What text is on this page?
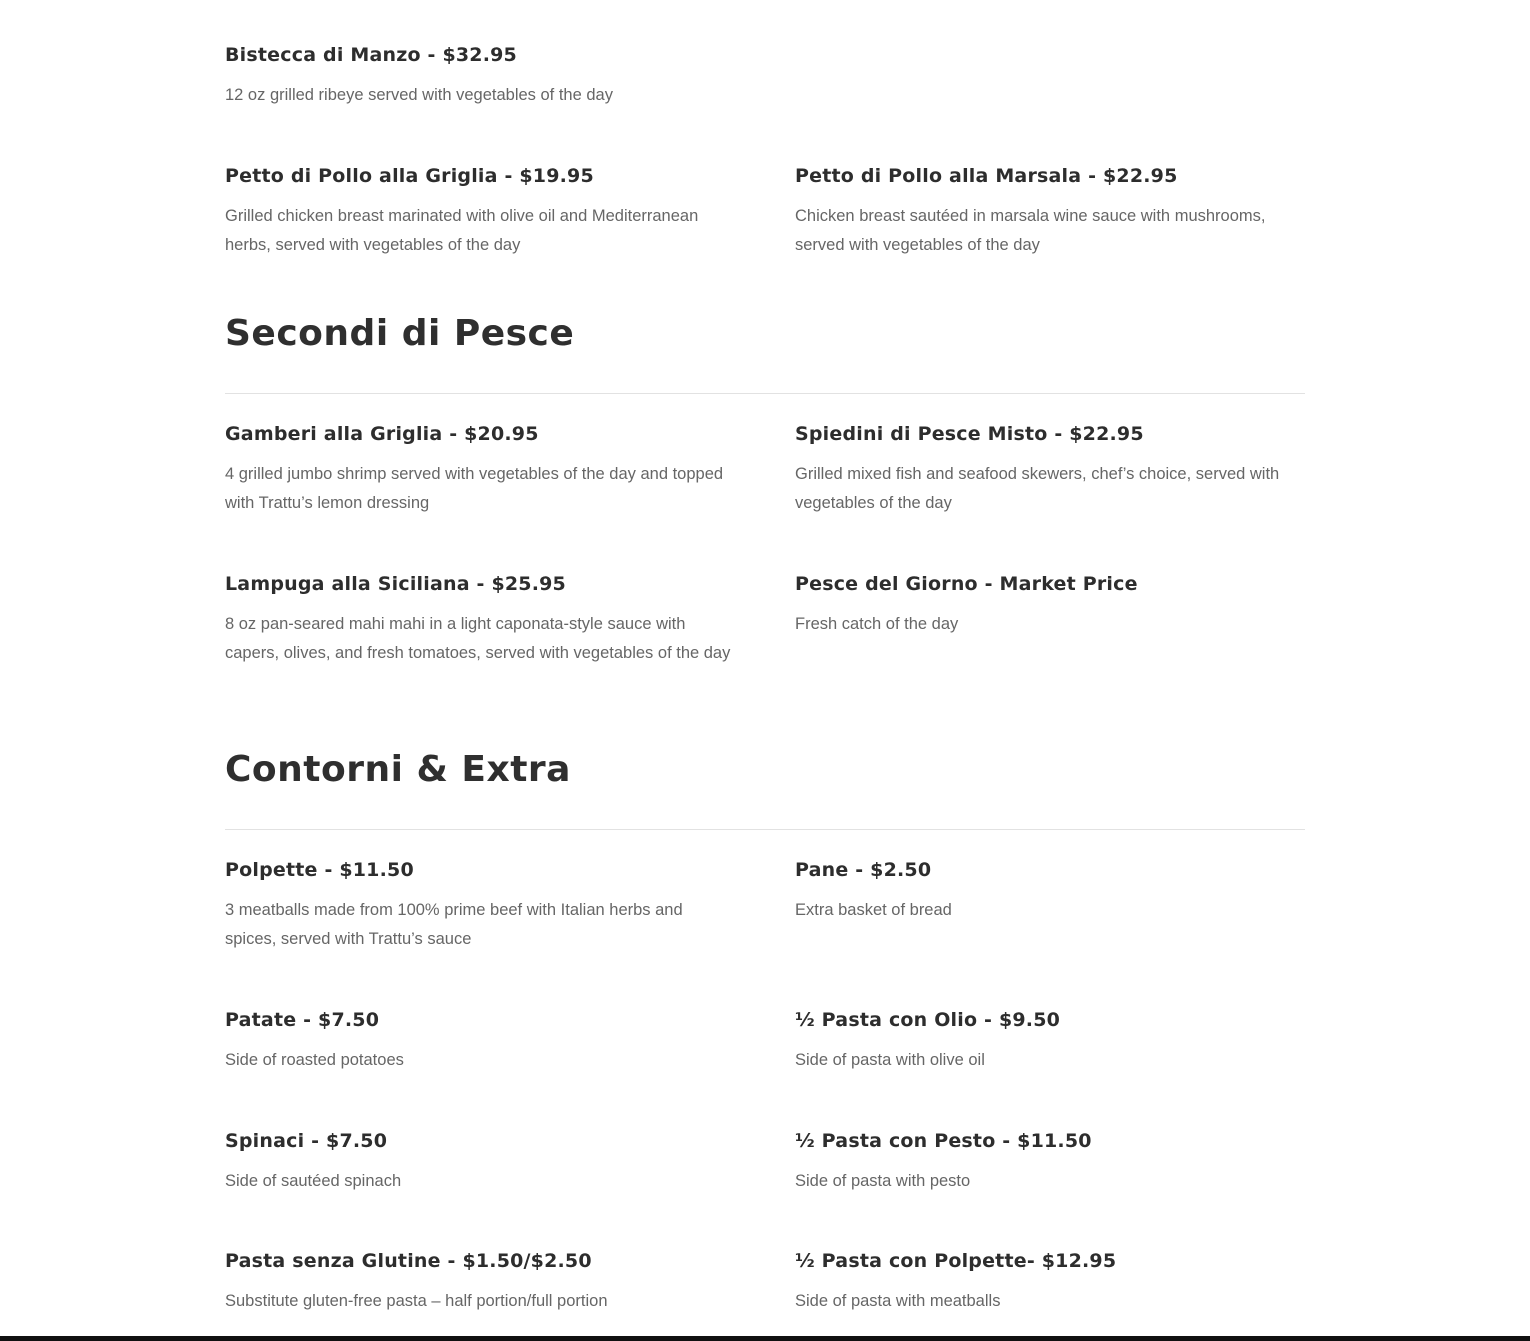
Bistecca di Manzo - $32.95

12 oz grilled ribeye served with vegetables of the day

Petto di Pollo alla Griglia - $19.95

Grilled chicken breast marinated with olive oil and Mediterranean herbs, served with vegetables of the day

Petto di Pollo alla Marsala - $22.95

Chicken breast sautéed in marsala wine sauce with mushrooms, served with vegetables of the day

Secondi di Pesce
Gamberi alla Griglia - $20.95

4 grilled jumbo shrimp served with vegetables of the day and topped with Trattu’s lemon dressing

Spiedini di Pesce Misto - $22.95

Grilled mixed fish and seafood skewers, chef’s choice, served with vegetables of the day

Lampuga alla Siciliana - $25.95

8 oz pan-seared mahi mahi in a light caponata-style sauce with capers, olives, and fresh tomatoes, served with vegetables of the day

Pesce del Giorno - Market Price

Fresh catch of the day

Contorni & Extra
Polpette - $11.50

3 meatballs made from 100% prime beef with Italian herbs and spices, served with Trattu’s sauce

Pane - $2.50

Extra basket of bread

Patate - $7.50

Side of roasted potatoes

½ Pasta con Olio - $9.50

Side of pasta with olive oil

Spinaci - $7.50

Side of sautéed spinach

½ Pasta con Pesto - $11.50

Side of pasta with pesto

Pasta senza Glutine - $1.50/$2.50

Substitute gluten-free pasta – half portion/full portion

½ Pasta con Polpette- $12.95

Side of pasta with meatballs
